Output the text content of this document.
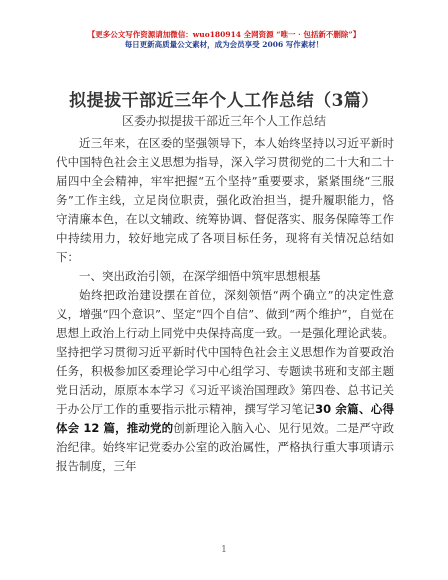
【更多公文写作资源请加微信：wuo180914 全网资源 “唯一 · 包括新不删除”】
每日更新高质量公文素材，成为会员享受 2006 写作素材！
拟提拔干部近三年个人工作总结（3篇）
区委办拟提拔干部近三年个人工作总结

近三年来，在区委的坚强领导下，本人始终坚持以习近平新时代中国特色社会主义思想为指导，深入学习贯彻党的二十大和二十届四中全会精神，牢牢把握“五个坚持”重要要求，紧紧围绕“三服务”工作主线，立足岗位职责，强化政治担当，提升履职能力，恪守清廉本色，在以文辅政、统筹协调、督促落实、服务保障等工作中持续用力，较好地完成了各项目标任务，现将有关情况总结如下：

一、突出政治引领，在深学细悟中筑牢思想根基

始终把政治建设摆在首位，深刻领悟“两个确立”的决定性意义，增强“四个意识”、坚定“四个自信”、做到“两个维护”，自觉在思想上政治上行动上同党中央保持高度一致。一是强化理论武装。坚持把学习贯彻习近平新时代中国特色社会主义思想作为首要政治任务，积极参加区委理论学习中心组学习、专题读书班和支部主题党日活动，原原本本学习《习近平谈治国理政》第四卷、总书记关于办公厅工作的重要指示批示精神，撰写学习笔记30 余篇、心得体会 12 篇，推动党的创新理论入脑入心、见行见效。二是严守政治纪律。始终牢记党委办公室的政治属性，严格执行重大事项请示报告制度，三年

1
